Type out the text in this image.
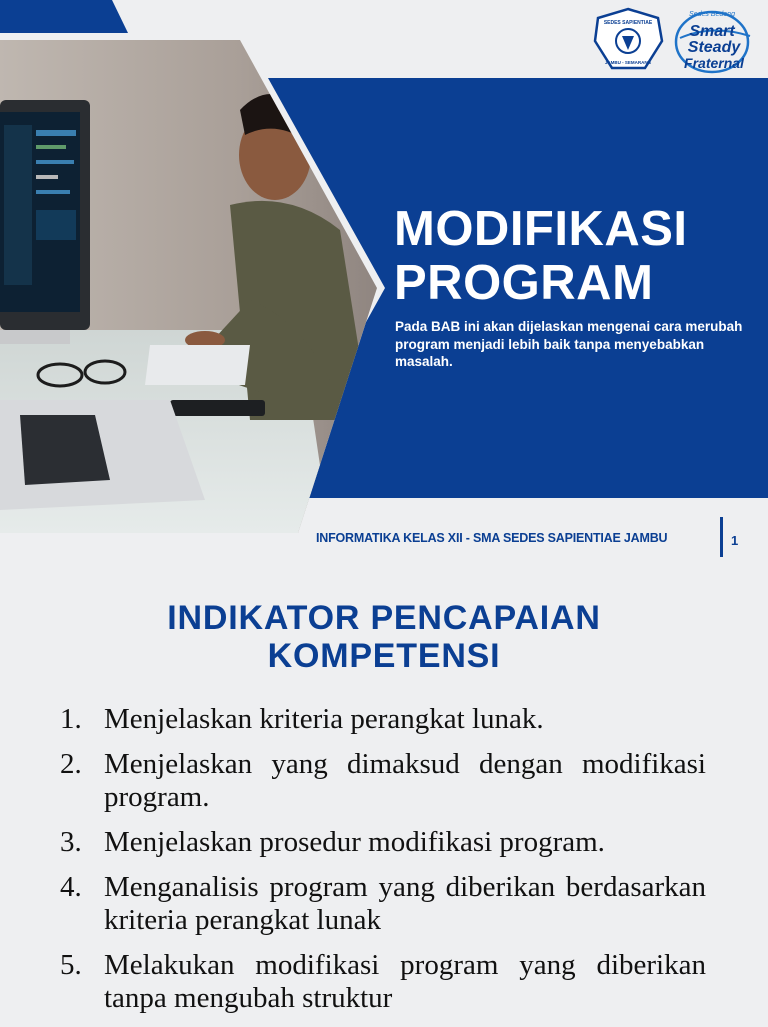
SEDES SAPIENTIAE
JAMBU - SEMARANG
Sedes Bedong
Smart
Steady
Fraternal
MODIFIKASI
PROGRAM
Pada BAB ini akan dijelaskan mengenai cara merubah program menjadi lebih baik tanpa menyebabkan masalah.
INFORMATIKA KELAS XII - SMA SEDES SAPIENTIAE JAMBU	1
INDIKATOR PENCAPAIAN
KOMPETENSI
1. Menjelaskan kriteria perangkat lunak.
2. Menjelaskan yang dimaksud dengan modifikasi program.
3. Menjelaskan prosedur modifikasi program.
4. Menganalisis program yang diberikan berdasarkan kriteria perangkat lunak
5. Melakukan modifikasi program yang diberikan tanpa mengubah struktur
